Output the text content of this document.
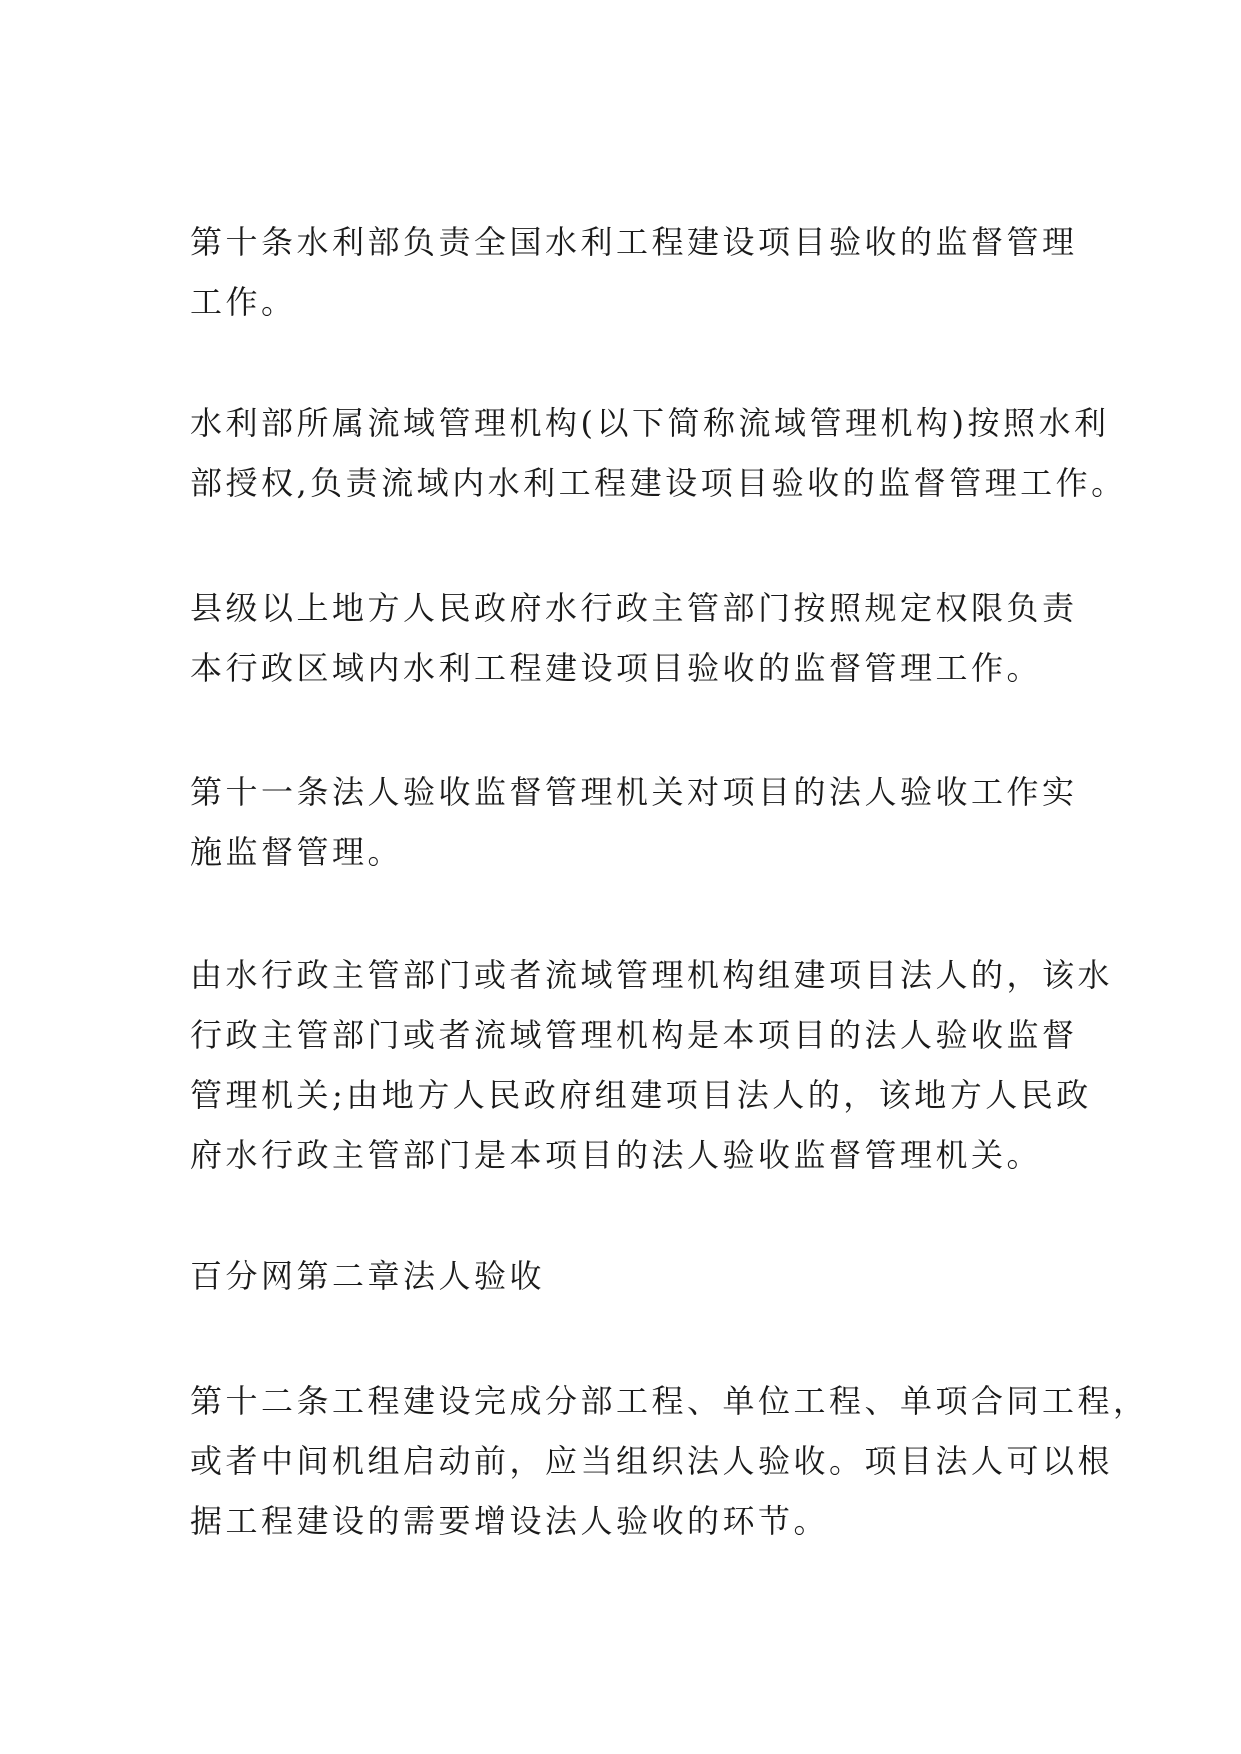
第十条水利部负责全国水利工程建设项目验收的监督管理
工作。
水利部所属流域管理机构(以下简称流域管理机构)按照水利
部授权,负责流域内水利工程建设项目验收的监督管理工作。
县级以上地方人民政府水行政主管部门按照规定权限负责
本行政区域内水利工程建设项目验收的监督管理工作。
第十一条法人验收监督管理机关对项目的法人验收工作实
施监督管理。
由水行政主管部门或者流域管理机构组建项目法人的，该水
行政主管部门或者流域管理机构是本项目的法人验收监督
管理机关;由地方人民政府组建项目法人的，该地方人民政
府水行政主管部门是本项目的法人验收监督管理机关。
百分网第二章法人验收
第十二条工程建设完成分部工程、单位工程、单项合同工程，
或者中间机组启动前，应当组织法人验收。项目法人可以根
据工程建设的需要增设法人验收的环节。
